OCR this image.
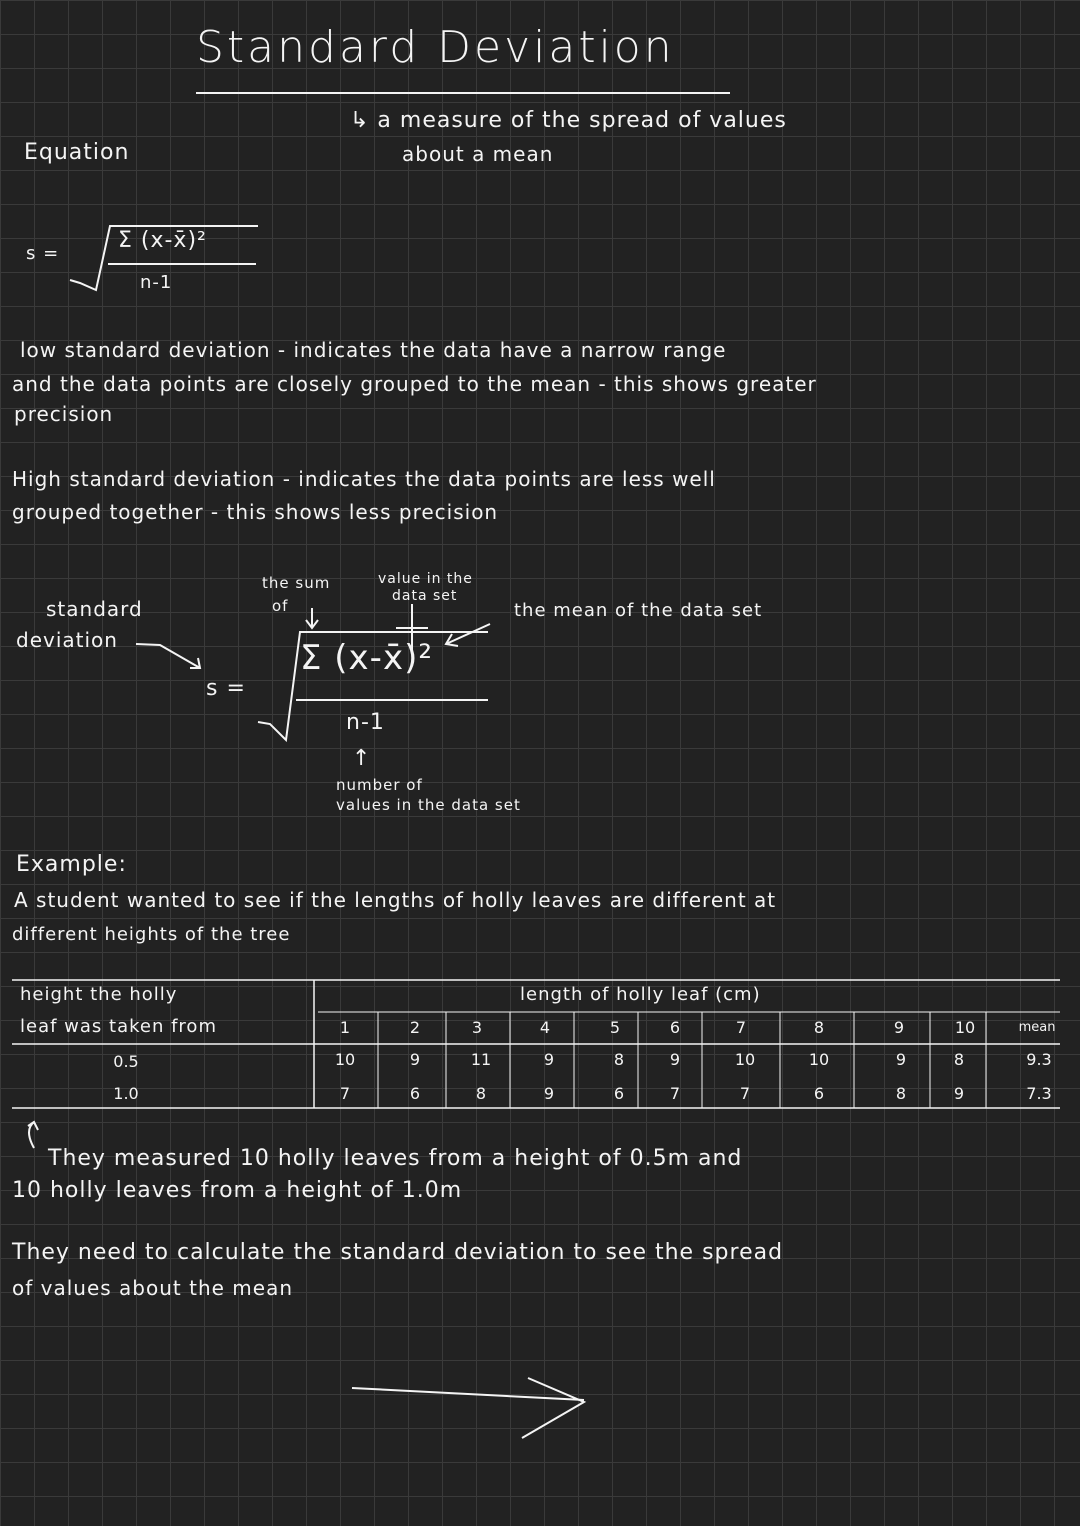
Standard Deviation
↳ a measure of the spread of values
about a mean
Equation
s =
Σ (x-x̄)²
n-1
low standard deviation - indicates the data have a narrow range
and the data points are closely grouped to the mean - this shows greater
precision
High standard deviation - indicates the data points are less well
grouped together - this shows less precision
standard
deviation
the sum
of
value in the
data set
the mean of the data set
s =
Σ (x-x̄)²
n-1
↑
number of
values in the data set
Example:
A student wanted to see if the lengths of holly leaves are different at
different heights of the tree
height the holly
leaf was taken from
length of holly leaf (cm)
1	2	3	4	5	6	7	8	9	10	mean
0.5	10	9	11	9	8	9	10	10	9	8	9.3
1.0	7	6	8	9	6	7	7	6	8	9	7.3
They measured 10 holly leaves from a height of 0.5m and
10 holly leaves from a height of 1.0m
They need to calculate the standard deviation to see the spread
of values about the mean
